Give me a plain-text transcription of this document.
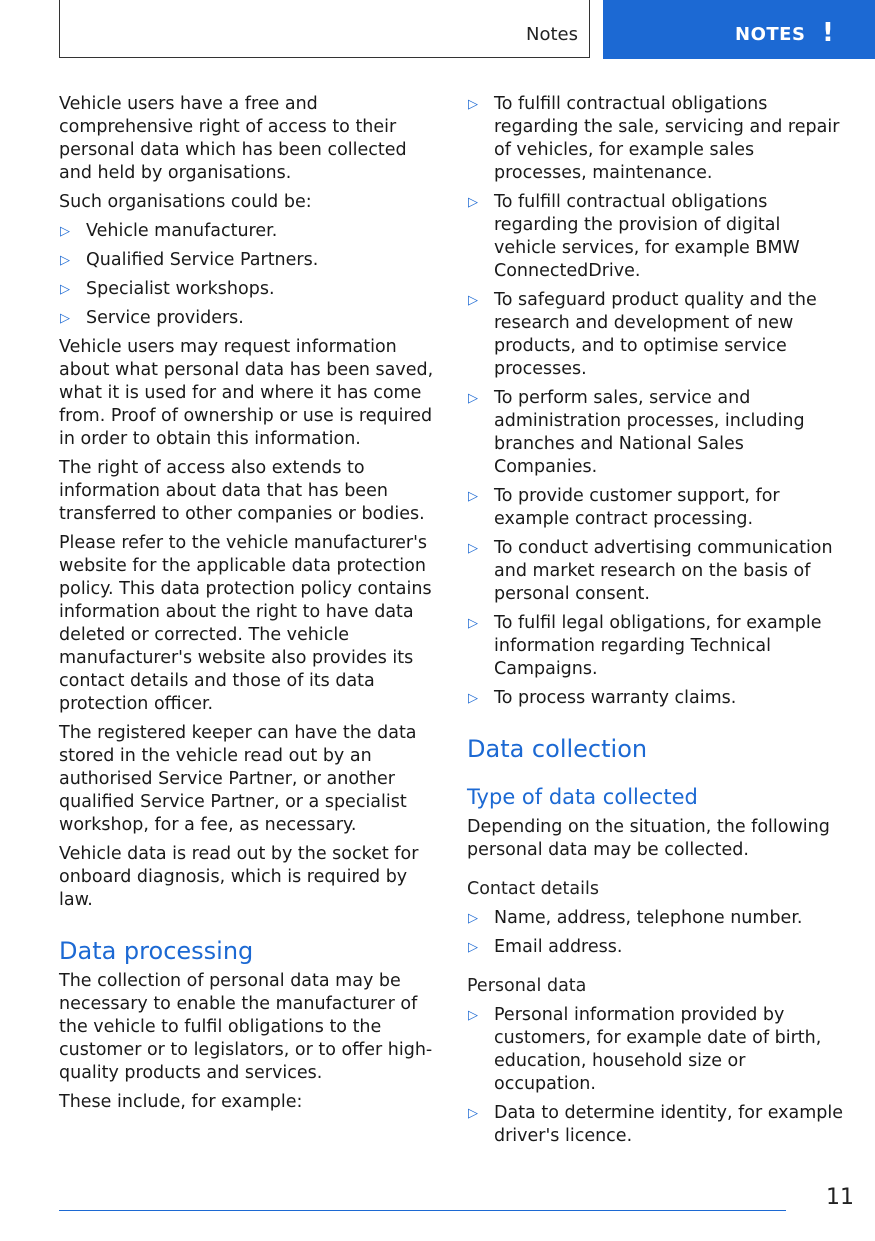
Notes	NOTES !

Vehicle users have a free and comprehensive right of access to their personal data which has been collected and held by organisations.

Such organisations could be:

▷ Vehicle manufacturer.
▷ Qualified Service Partners.
▷ Specialist workshops.
▷ Service providers.

Vehicle users may request information about what personal data has been saved, what it is used for and where it has come from. Proof of ownership or use is required in order to obtain this information.

The right of access also extends to information about data that has been transferred to other companies or bodies.

Please refer to the vehicle manufacturer's website for the applicable data protection policy. This data protection policy contains information about the right to have data deleted or corrected. The vehicle manufacturer's website also provides its contact details and those of its data protection officer.

The registered keeper can have the data stored in the vehicle read out by an authorised Service Partner, or another qualified Service Partner, or a specialist workshop, for a fee, as necessary.

Vehicle data is read out by the socket for onboard diagnosis, which is required by law.

Data processing

The collection of personal data may be necessary to enable the manufacturer of the vehicle to fulfil obligations to the customer or to legislators, or to offer high-quality products and services.

These include, for example:

▷ To fulfill contractual obligations regarding the sale, servicing and repair of vehicles, for example sales processes, maintenance.
▷ To fulfill contractual obligations regarding the provision of digital vehicle services, for example BMW ConnectedDrive.
▷ To safeguard product quality and the research and development of new products, and to optimise service processes.
▷ To perform sales, service and administration processes, including branches and National Sales Companies.
▷ To provide customer support, for example contract processing.
▷ To conduct advertising communication and market research on the basis of personal consent.
▷ To fulfil legal obligations, for example information regarding Technical Campaigns.
▷ To process warranty claims.
Data collection
Type of data collected

Depending on the situation, the following personal data may be collected.

Contact details
▷ Name, address, telephone number.
▷ Email address.
Personal data
▷ Personal information provided by customers, for example date of birth, education, household size or occupation.
▷ Data to determine identity, for example driver's licence.
11
